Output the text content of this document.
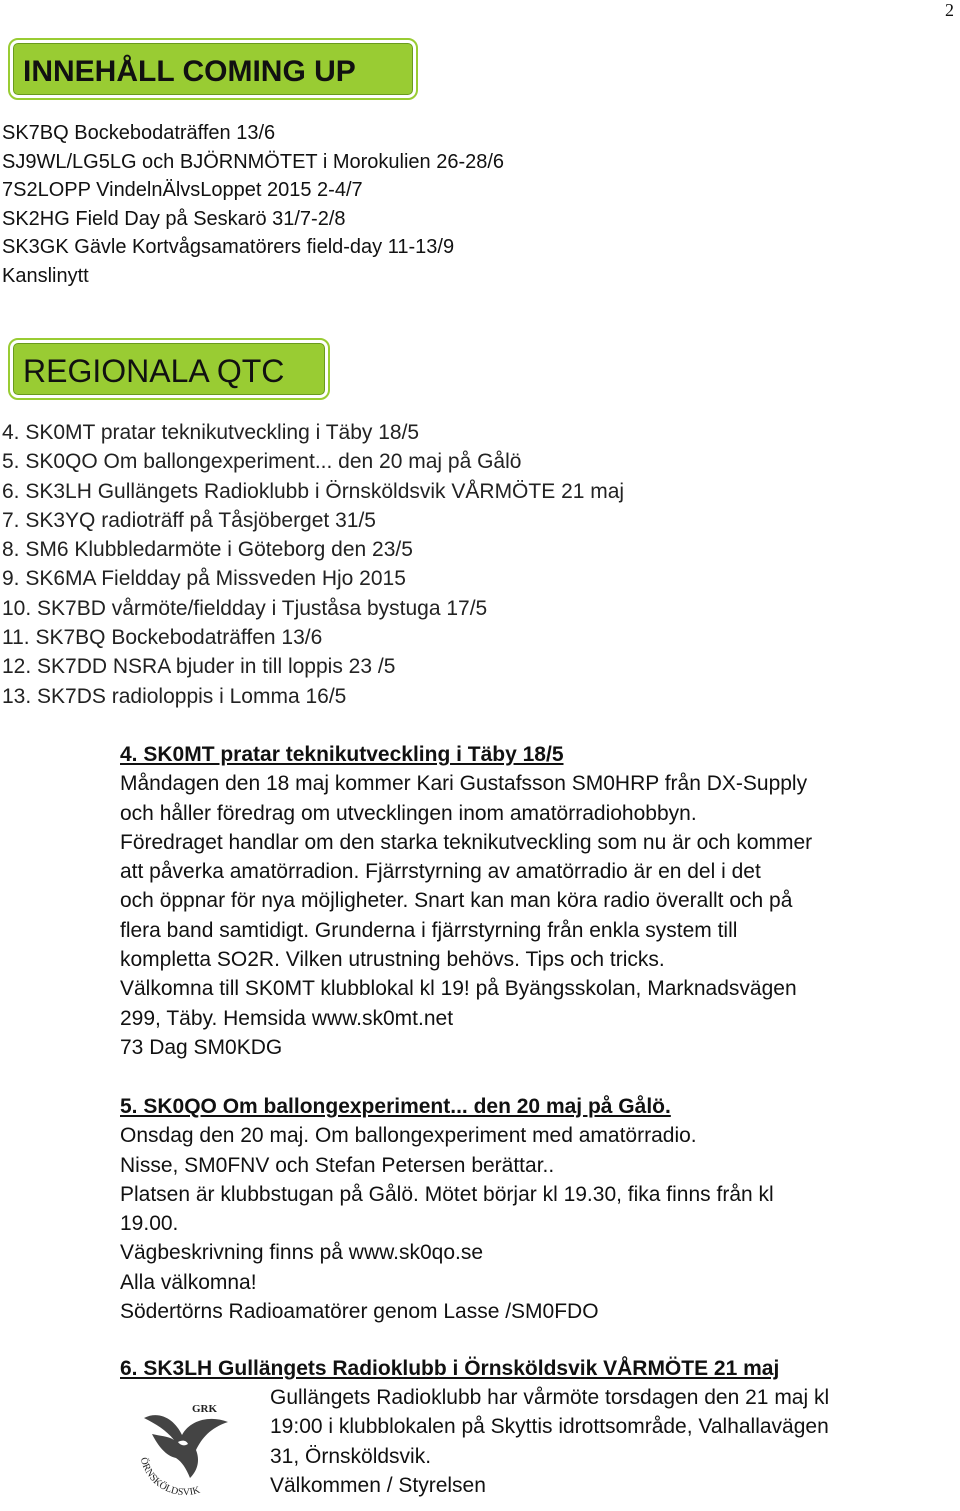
2
INNEHÅLL COMING UP
SK7BQ Bockebodaträffen 13/6
SJ9WL/LG5LG och BJÖRNMÖTET i Morokulien 26-28/6
7S2LOPP VindelnÄlvsLoppet 2015 2-4/7
SK2HG Field Day på Seskarö 31/7-2/8
SK3GK Gävle Kortvågsamatörers field-day 11-13/9
Kanslinytt
REGIONALA QTC
4. SK0MT pratar teknikutveckling i Täby 18/5
5. SK0QO Om ballongexperiment... den 20 maj på Gålö
6. SK3LH Gullängets Radioklubb i Örnsköldsvik VÅRMÖTE 21 maj
7. SK3YQ radioträff på Tåsjöberget 31/5
8. SM6 Klubbledarmöte i Göteborg den 23/5
9. SK6MA Fieldday på Missveden Hjo 2015
10. SK7BD vårmöte/fieldday i Tjuståsa bystuga 17/5
11. SK7BQ Bockebodaträffen 13/6
12. SK7DD NSRA bjuder in till loppis 23 /5
13. SK7DS radioloppis i Lomma 16/5
4. SK0MT pratar teknikutveckling i Täby 18/5
Måndagen den 18 maj kommer Kari Gustafsson SM0HRP från DX-Supply
och håller föredrag om utvecklingen inom amatörradiohobbyn.
Föredraget handlar om den starka teknikutveckling som nu är och kommer
att påverka amatörradion. Fjärrstyrning av amatörradio är en del i det
och öppnar för nya möjligheter. Snart kan man köra radio överallt och på
flera band samtidigt. Grunderna i fjärrstyrning från enkla system till
kompletta SO2R. Vilken utrustning behövs. Tips och tricks.
Välkomna till SK0MT klubblokal kl 19! på Byängsskolan, Marknadsvägen
299, Täby. Hemsida www.sk0mt.net
73 Dag SM0KDG
5. SK0QO Om ballongexperiment... den 20 maj på Gålö.
Onsdag den 20 maj. Om ballongexperiment med amatörradio.
Nisse, SM0FNV och Stefan Petersen berättar..
Platsen är klubbstugan på Gålö. Mötet börjar kl 19.30, fika finns från kl
19.00.
Vägbeskrivning finns på www.sk0qo.se
Alla välkomna!
Södertörns Radioamatörer genom Lasse /SM0FDO
6. SK3LH Gullängets Radioklubb i Örnsköldsvik VÅRMÖTE 21 maj
GRK
ÖRNSKÖLDSVIK
Gullängets Radioklubb har vårmöte torsdagen den 21 maj kl
19:00 i klubblokalen på Skyttis idrottsområde, Valhallavägen
31, Örnsköldsvik.
Välkommen / Styrelsen
